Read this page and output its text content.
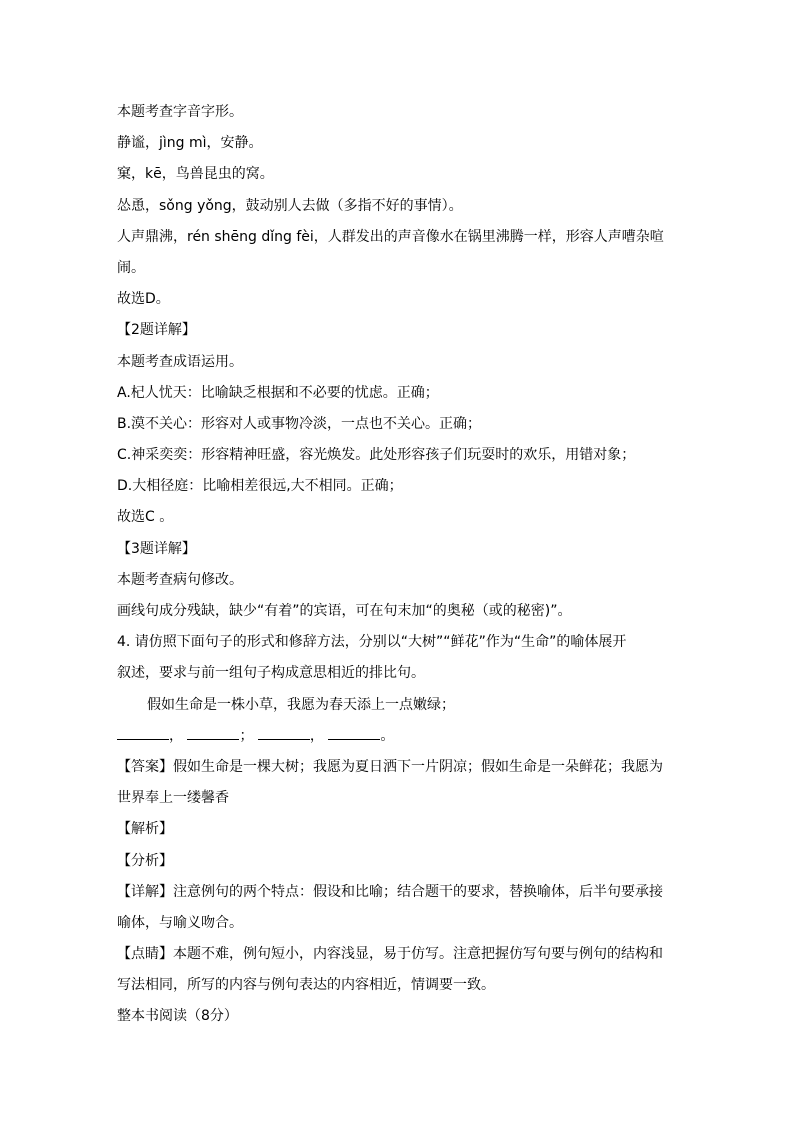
本题考查字音字形。
静谧，jìng mì，安静。
窠，kē，鸟兽昆虫的窝。
怂恿，sǒng yǒng，鼓动别人去做（多指不好的事情）。
人声鼎沸，rén shēng dǐng fèi，人群发出的声音像水在锅里沸腾一样，形容人声嘈杂喧
闹。
故选D。
【2题详解】
本题考查成语运用。
A.杞人忧天：比喻缺乏根据和不必要的忧虑。正确；
B.漠不关心：形容对人或事物冷淡，一点也不关心。正确；
C.神采奕奕：形容精神旺盛，容光焕发。此处形容孩子们玩耍时的欢乐，用错对象；
D.大相径庭：比喻相差很远,大不相同。正确；
故选C 。
【3题详解】
本题考查病句修改。
画线句成分残缺，缺少“有着”的宾语，可在句末加“的奥秘（或的秘密)”。
4. 请仿照下面句子的形式和修辞方法，分别以“大树”“鲜花”作为“生命”的喻体展开
叙述，要求与前一组句子构成意思相近的排比句。
假如生命是一株小草，我愿为春天添上一点嫩绿；
，	；	，	。
【答案】假如生命是一棵大树；我愿为夏日洒下一片阴凉；假如生命是一朵鲜花；我愿为
世界奉上一缕馨香
【解析】
【分析】
【详解】注意例句的两个特点：假设和比喻；结合题干的要求，替换喻体，后半句要承接
喻体，与喻义吻合。
【点睛】本题不难，例句短小，内容浅显，易于仿写。注意把握仿写句要与例句的结构和
写法相同，所写的内容与例句表达的内容相近，情调要一致。
整本书阅读（8分）
